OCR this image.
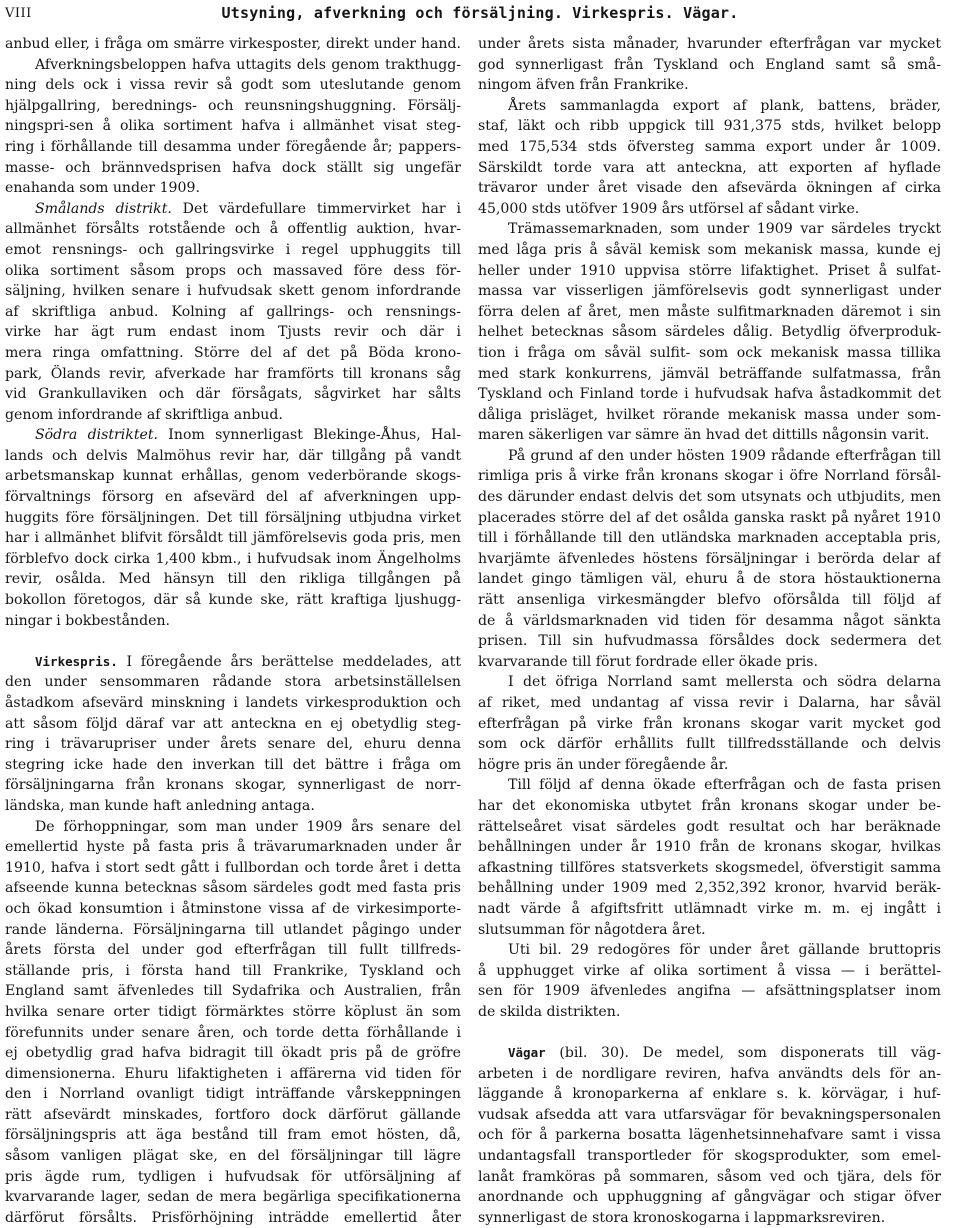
VIII	Utsyning, afverkning och försäljning. Virkespris. Vägar.
anbud eller, i fråga om smärre virkesposter, direkt under hand.
Afverkningsbeloppen hafva uttagits dels genom trakthugg-
ning dels ock i vissa revir så godt som uteslutande genom
hjälpgallring, berednings- och reunsningshuggning. Försälj-
ningspri-sen å olika sortiment hafva i allmänhet visat steg-
ring i förhållande till desamma under föregående år; pappers-
masse- och brännvedsprisen hafva dock ställt sig ungefär
enahanda som under 1909.
Smålands distrikt. Det värdefullare timmervirket har i
allmänhet försålts rotstående och å offentlig auktion, hvar-
emot rensnings- och gallringsvirke i regel upphuggits till
olika sortiment såsom props och massaved före dess för-
säljning, hvilken senare i hufvudsak skett genom infordrande
af skriftliga anbud. Kolning af gallrings- och rensnings-
virke har ägt rum endast inom Tjusts revir och där i
mera ringa omfattning. Större del af det på Böda krono-
park, Ölands revir, afverkade har framförts till kronans såg
vid Grankullaviken och där försågats, sågvirket har sålts
genom infordrande af skriftliga anbud.
Södra distriktet. Inom synnerligast Blekinge-Åhus, Hal-
lands och delvis Malmöhus revir har, där tillgång på vandt
arbetsmanskap kunnat erhållas, genom vederbörande skogs-
förvaltnings försorg en afsevärd del af afverkningen upp-
huggits före försäljningen. Det till försäljning utbjudna virket
har i allmänhet blifvit försåldt till jämförelsevis goda pris, men
förblefvo dock cirka 1,400 kbm., i hufvudsak inom Ängelholms
revir, osålda. Med hänsyn till den rikliga tillgången på
bokollon företogos, där så kunde ske, rätt kraftiga ljushugg-
ningar i bokbestånden.
Virkespris. I föregående års berättelse meddelades, att
den under sensommaren rådande stora arbetsinställelsen
åstadkom afsevärd minskning i landets virkesproduktion och
att såsom följd däraf var att anteckna en ej obetydlig steg-
ring i trävarupriser under årets senare del, ehuru denna
stegring icke hade den inverkan till det bättre i fråga om
försäljningarna från kronans skogar, synnerligast de norr-
ländska, man kunde haft anledning antaga.
De förhoppningar, som man under 1909 års senare del
emellertid hyste på fasta pris å trävarumarknaden under år
1910, hafva i stort sedt gått i fullbordan och torde året i detta
afseende kunna betecknas såsom särdeles godt med fasta pris
och ökad konsumtion i åtminstone vissa af de virkesimporte-
rande länderna. Försäljningarna till utlandet pågingo under
årets första del under god efterfrågan till fullt tillfreds-
ställande pris, i första hand till Frankrike, Tyskland och
England samt äfvenledes till Sydafrika och Australien, från
hvilka senare orter tidigt förmärktes större köplust än som
förefunnits under senare åren, och torde detta förhållande i
ej obetydlig grad hafva bidragit till ökadt pris på de gröfre
dimensionerna. Ehuru lifaktigheten i affärerna vid tiden för
den i Norrland ovanligt tidigt inträffande vårskeppningen
rätt afsevärdt minskades, fortforo dock därförut gällande
försäljningspris att äga bestånd till fram emot hösten, då,
såsom vanligen plägat ske, en del försäljningar till lägre
pris ägde rum, tydligen i hufvudsak för utförsäljning af
kvarvarande lager, sedan de mera begärliga specifikationerna
därförut försålts. Prisförhöjning inträdde emellertid åter
under årets sista månader, hvarunder efterfrågan var mycket
god synnerligast från Tyskland och England samt så små-
ningom äfven från Frankrike.
Årets sammanlagda export af plank, battens, bräder,
staf, läkt och ribb uppgick till 931,375 stds, hvilket belopp
med 175,534 stds öfversteg samma export under år 1009.
Särskildt torde vara att anteckna, att exporten af hyflade
trävaror under året visade den afsevärda ökningen af cirka
45,000 stds utöfver 1909 års utförsel af sådant virke.
Trämassemarknaden, som under 1909 var särdeles tryckt
med låga pris å såväl kemisk som mekanisk massa, kunde ej
heller under 1910 uppvisa större lifaktighet. Priset å sulfat-
massa var visserligen jämförelsevis godt synnerligast under
förra delen af året, men måste sulfitmarknaden däremot i sin
helhet betecknas såsom särdeles dålig. Betydlig öfverproduk-
tion i fråga om såväl sulfit- som ock mekanisk massa tillika
med stark konkurrens, jämväl beträffande sulfatmassa, från
Tyskland och Finland torde i hufvudsak hafva åstadkommit det
dåliga prisläget, hvilket rörande mekanisk massa under som-
maren säkerligen var sämre än hvad det dittills någonsin varit.
På grund af den under hösten 1909 rådande efterfrågan till
rimliga pris å virke från kronans skogar i öfre Norrland försål-
des därunder endast delvis det som utsynats och utbjudits, men
placerades större del af det osålda ganska raskt på nyåret 1910
till i förhållande till den utländska marknaden acceptabla pris,
hvarjämte äfvenledes höstens försäljningar i berörda delar af
landet gingo tämligen väl, ehuru å de stora höstauktionerna
rätt ansenliga virkesmängder blefvo oförsålda till följd af
de å världsmarknaden vid tiden för desamma något sänkta
prisen. Till sin hufvudmassa försåldes dock sedermera det
kvarvarande till förut fordrade eller ökade pris.
I det öfriga Norrland samt mellersta och södra delarna
af riket, med undantag af vissa revir i Dalarna, har såväl
efterfrågan på virke från kronans skogar varit mycket god
som ock därför erhållits fullt tillfredsställande och delvis
högre pris än under föregående år.
Till följd af denna ökade efterfrågan och de fasta prisen
har det ekonomiska utbytet från kronans skogar under be-
rättelseåret visat särdeles godt resultat och har beräknade
behållningen under år 1910 från de kronans skogar, hvilkas
afkastning tillföres statsverkets skogsmedel, öfverstigit samma
behållning under 1909 med 2,352,392 kronor, hvarvid beräk-
nadt värde å afgiftsfritt utlämnadt virke m. m. ej ingått i
slutsumman för någotdera året.
Uti bil. 29 redogöres för under året gällande bruttopris
å upphugget virke af olika sortiment å vissa — i berättel-
sen för 1909 äfvenledes angifna — afsättningsplatser inom
de skilda distrikten.
Vägar (bil. 30). De medel, som disponerats till väg-
arbeten i de nordligare reviren, hafva användts dels för an-
läggande å kronoparkerna af enklare s. k. körvägar, i huf-
vudsak afsedda att vara utfarsvägar för bevakningspersonalen
och för å parkerna bosatta lägenhetsinnehafvare samt i vissa
undantagsfall transportleder för skogsprodukter, som emel-
lanåt framköras på sommaren, såsom ved och tjära, dels för
anordnande och upphuggning af gångvägar och stigar öfver
synnerligast de stora kronoskogarna i lappmarksreviren.
